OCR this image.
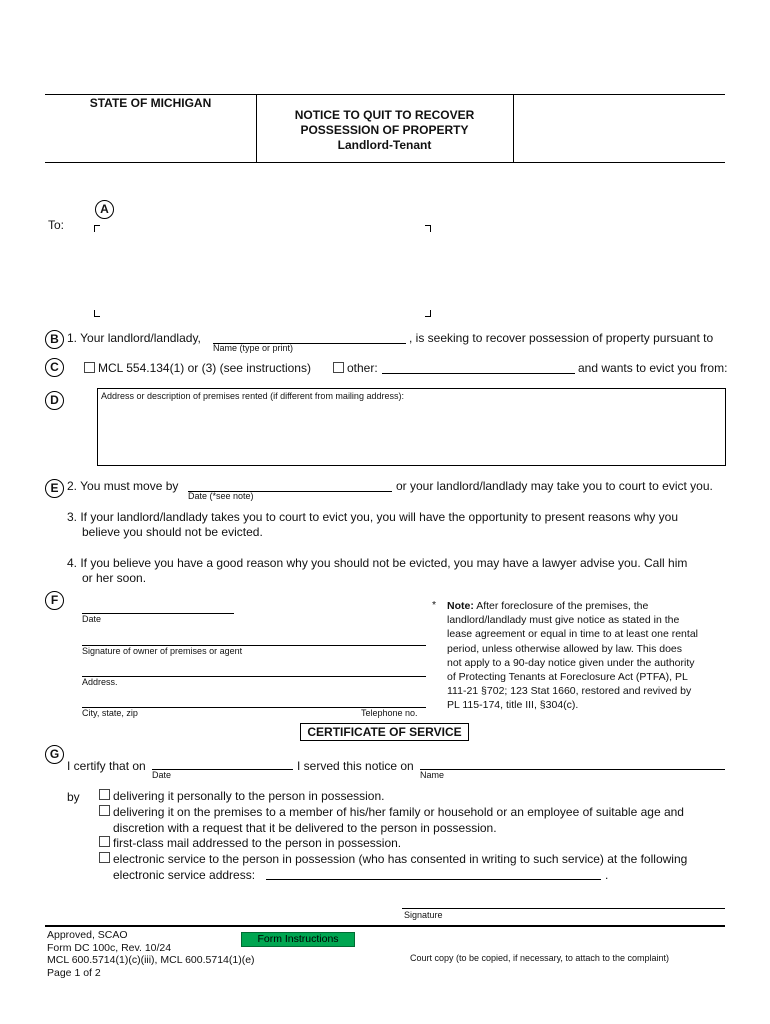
STATE OF MICHIGAN
NOTICE TO QUIT TO RECOVER
POSSESSION OF PROPERTY
Landlord-Tenant
A
To:
B 1. Your landlord/landlady,
Name (type or print)
, is seeking to recover possession of property pursuant to
C	MCL 554.134(1) or (3) (see instructions)	other:	and wants to evict you from:
D	Address or description of premises rented (if different from mailing address):
E 2. You must move by
Date (*see note)
or your landlord/landlady may take you to court to evict you.
3. If your landlord/landlady takes you to court to evict you, you will have the opportunity to present reasons why you
believe you should not be evicted.
4. If you believe you have a good reason why you should not be evicted, you may have a lawyer advise you. Call him
or her soon.
F
Date
Signature of owner of premises or agent
Address.
City, state, zip	Telephone no.
* Note: After foreclosure of the premises, the
landlord/landlady must give notice as stated in the
lease agreement or equal in time to at least one rental
period, unless otherwise allowed by law. This does
not apply to a 90-day notice given under the authority
of Protecting Tenants at Foreclosure Act (PTFA), PL
111-21 §702; 123 Stat 1660, restored and revived by
PL 115-174, title III, §304(c).
CERTIFICATE OF SERVICE
G
I certify that on
Date
I served this notice on
Name
by	delivering it personally to the person in possession.
delivering it on the premises to a member of his/her family or household or an employee of suitable age and
discretion with a request that it be delivered to the person in possession.
first-class mail addressed to the person in possession.
electronic service to the person in possession (who has consented in writing to such service) at the following
electronic service address:	.
Signature
Approved, SCAO
Form DC 100c, Rev. 10/24
MCL 600.5714(1)(c)(iii), MCL 600.5714(1)(e)
Page 1 of 2
Form Instructions
Court copy (to be copied, if necessary, to attach to the complaint)
